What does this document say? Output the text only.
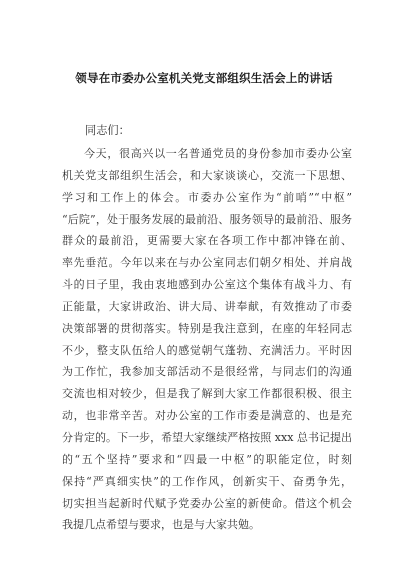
领导在市委办公室机关党支部组织生活会上的讲话
同志们：
今天，很高兴以一名普通党员的身份参加市委办公室
机关党支部组织生活会，和大家谈谈心，交流一下思想、
学习和工作上的体会。市委办公室作为“前哨”“中枢”
“后院”，处于服务发展的最前沿、服务领导的最前沿、服务
群众的最前沿，更需要大家在各项工作中都冲锋在前、
率先垂范。今年以来在与办公室同志们朝夕相处、并肩战
斗的日子里，我由衷地感到办公室这个集体有战斗力、有
正能量，大家讲政治、讲大局、讲奉献，有效推动了市委
决策部署的贯彻落实。特别是我注意到，在座的年轻同志
不少，整支队伍给人的感觉朝气蓬勃、充满活力。平时因
为工作忙，我参加支部活动不是很经常，与同志们的沟通
交流也相对较少，但是我了解到大家工作都很积极、很主
动，也非常辛苦。对办公室的工作市委是满意的、也是充
分肯定的。下一步，希望大家继续严格按照 xxx 总书记提出
的“五个坚持”要求和“四最一中枢”的职能定位，时刻
保持“严真细实快”的工作作风，创新实干、奋勇争先，
切实担当起新时代赋予党委办公室的新使命。借这个机会
我提几点希望与要求，也是与大家共勉。
